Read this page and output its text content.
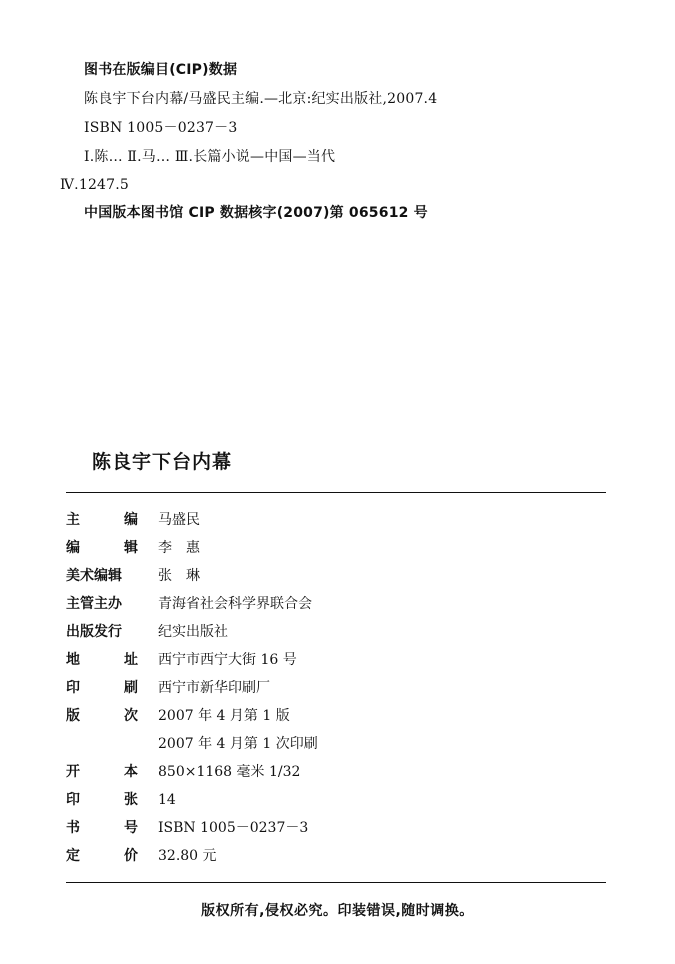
图书在版编目(CIP)数据
陈良宇下台内幕/马盛民主编.—北京:纪实出版社,2007.4
ISBN 1005－0237－3
Ⅰ.陈… Ⅱ.马… Ⅲ.长篇小说—中国—当代
Ⅳ.1247.5
中国版本图书馆 CIP 数据核字(2007)第 065612 号
陈良宇下台内幕
主	编 马盛民
编	辑 李　惠
美术编辑	张　琳
主管主办	青海省社会科学界联合会
出版发行	纪实出版社
地	址 西宁市西宁大街 16 号
印	刷 西宁市新华印刷厂
版	次 2007 年 4 月第 1 版
2007 年 4 月第 1 次印刷
开	本 850×1168 毫米 1/32
印	张 14
书	号 ISBN 1005－0237－3
定	价 32.80 元
版权所有,侵权必究。印装错误,随时调换。
